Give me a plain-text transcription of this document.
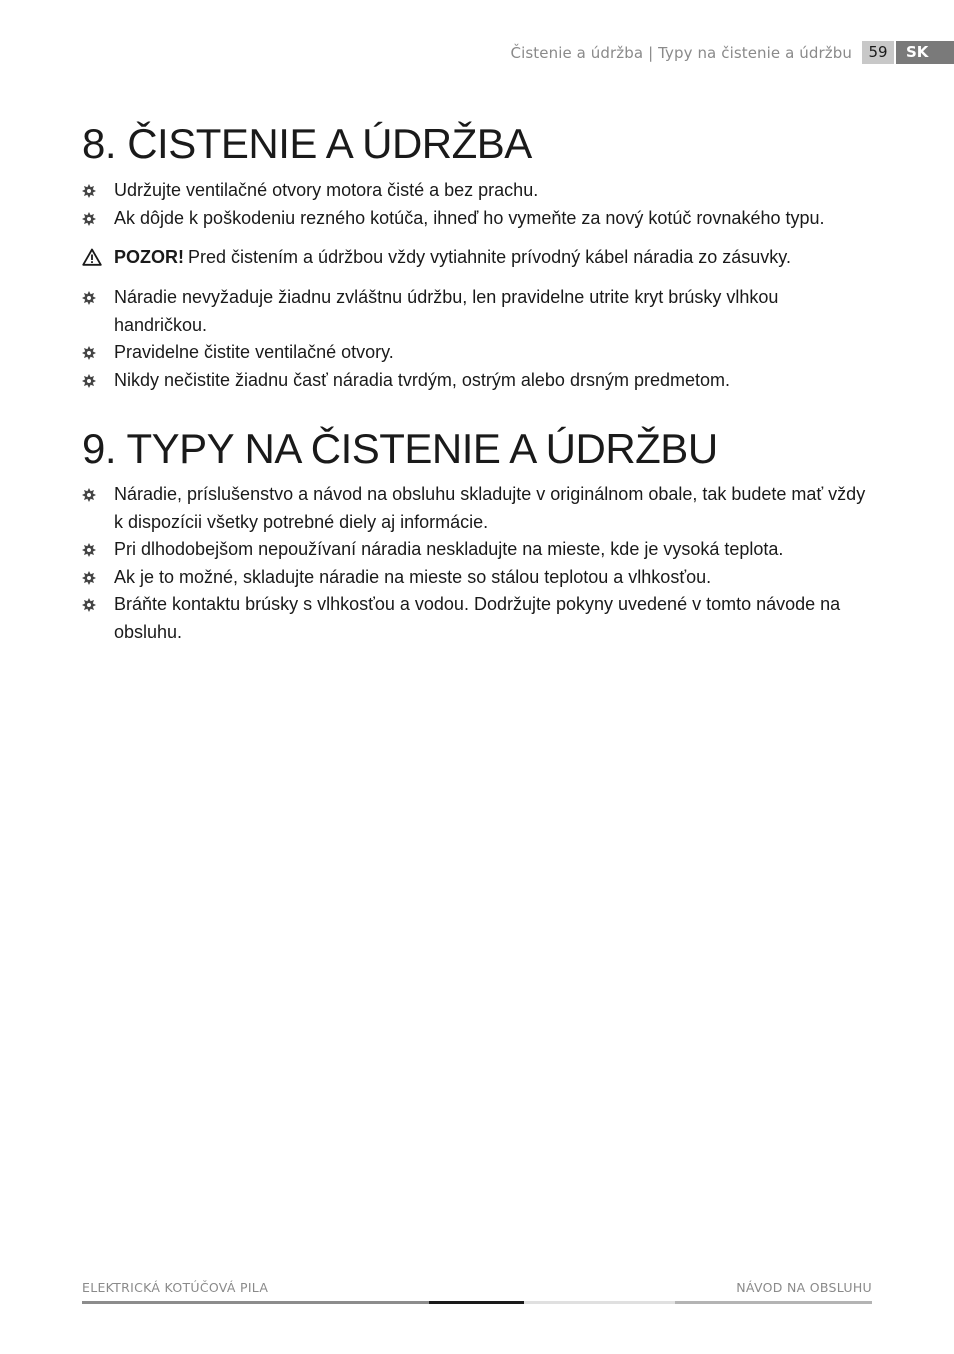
Čistenie a údržba | Typy na čistenie a údržbu	59	SK
8. ČISTENIE A ÚDRŽBA
Udržujte ventilačné otvory motora čisté a bez prachu.
Ak dôjde k poškodeniu rezného kotúča, ihneď ho vymeňte za nový kotúč rovnakého typu.
POZOR! Pred čistením a údržbou vždy vytiahnite prívodný kábel náradia zo zásuvky.
Náradie nevyžaduje žiadnu zvláštnu údržbu, len pravidelne utrite kryt brúsky vlhkou handričkou.
Pravidelne čistite ventilačné otvory.
Nikdy nečistite žiadnu časť náradia tvrdým, ostrým alebo drsným predmetom.
9. TYPY NA ČISTENIE A ÚDRŽBU
Náradie, príslušenstvo a návod na obsluhu skladujte v originálnom obale, tak budete mať vždy k dispozícii všetky potrebné diely aj informácie.
Pri dlhodobejšom nepoužívaní náradia neskladujte na mieste, kde je vysoká teplota.
Ak je to možné, skladujte náradie na mieste so stálou teplotou a vlhkosťou.
Bráňte kontaktu brúsky s vlhkosťou a vodou. Dodržujte pokyny uvedené v tomto návode na obsluhu.
ELEKTRICKÁ KOTÚČOVÁ PILA	NÁVOD NA OBSLUHU
